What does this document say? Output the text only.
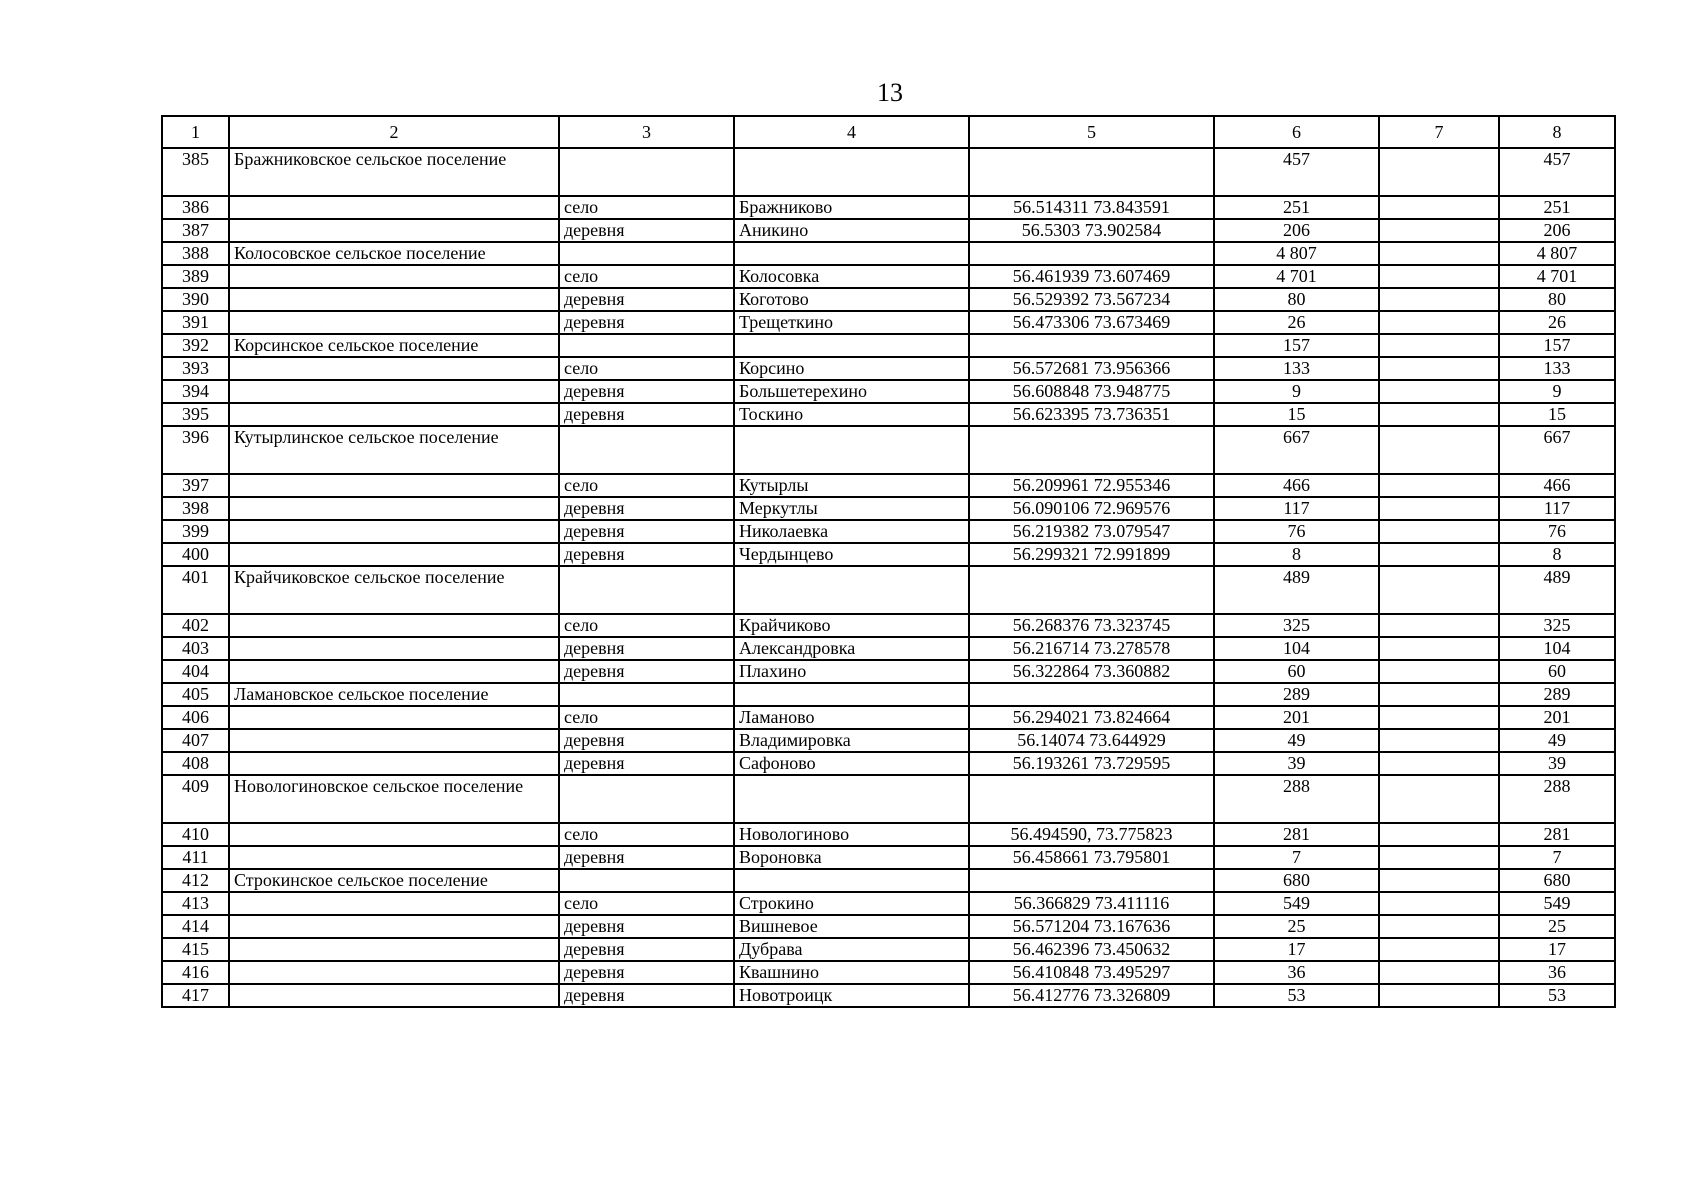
13
1	2	3	4	5	6	7	8
385	Бражниковское сельское поселение				457		457
386		село	Бражниково	56.514311 73.843591	251		251
387		деревня	Аникино	56.5303 73.902584	206		206
388	Колосовское сельское поселение				4 807		4 807
389		село	Колосовка	56.461939 73.607469	4 701		4 701
390		деревня	Коготово	56.529392 73.567234	80		80
391		деревня	Трещеткино	56.473306 73.673469	26		26
392	Корсинское сельское поселение				157		157
393		село	Корсино	56.572681 73.956366	133		133
394		деревня	Большетерехино	56.608848 73.948775	9		9
395		деревня	Тоскино	56.623395 73.736351	15		15
396	Кутырлинское сельское поселение				667		667
397		село	Кутырлы	56.209961 72.955346	466		466
398		деревня	Меркутлы	56.090106 72.969576	117		117
399		деревня	Николаевка	56.219382 73.079547	76		76
400		деревня	Чердынцево	56.299321 72.991899	8		8
401	Крайчиковское сельское поселение				489		489
402		село	Крайчиково	56.268376 73.323745	325		325
403		деревня	Александровка	56.216714 73.278578	104		104
404		деревня	Плахино	56.322864 73.360882	60		60
405	Ламановское сельское поселение				289		289
406		село	Ламаново	56.294021 73.824664	201		201
407		деревня	Владимировка	56.14074 73.644929	49		49
408		деревня	Сафоново	56.193261 73.729595	39		39
409	Новологиновское сельское поселение				288		288
410		село	Новологиново	56.494590, 73.775823	281		281
411		деревня	Вороновка	56.458661 73.795801	7		7
412	Строкинское сельское поселение				680		680
413		село	Строкино	56.366829 73.411116	549		549
414		деревня	Вишневое	56.571204 73.167636	25		25
415		деревня	Дубрава	56.462396 73.450632	17		17
416		деревня	Квашнино	56.410848 73.495297	36		36
417		деревня	Новотроицк	56.412776 73.326809	53		53
